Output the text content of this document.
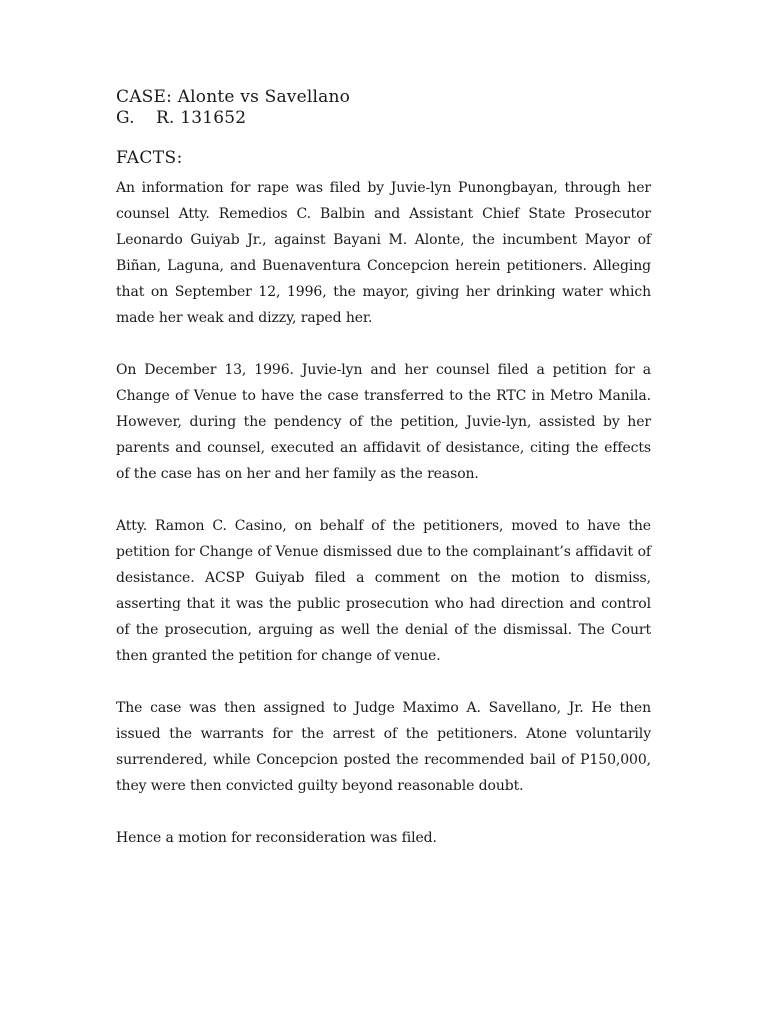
CASE: Alonte vs Savellano
G. R. 131652
FACTS:

An information for rape was filed by Juvie-lyn Punongbayan, through her counsel Atty. Remedios C. Balbin and Assistant Chief State Prosecutor Leonardo Guiyab Jr., against Bayani M. Alonte, the incumbent Mayor of Biñan, Laguna, and Buenaventura Concepcion herein petitioners. Alleging that on September 12, 1996, the mayor, giving her drinking water which made her weak and dizzy, raped her.

On December 13, 1996. Juvie-lyn and her counsel filed a petition for a Change of Venue to have the case transferred to the RTC in Metro Manila. However, during the pendency of the petition, Juvie-lyn, assisted by her parents and counsel, executed an affidavit of desistance, citing the effects of the case has on her and her family as the reason.

Atty. Ramon C. Casino, on behalf of the petitioners, moved to have the petition for Change of Venue dismissed due to the complainant’s affidavit of desistance. ACSP Guiyab filed a comment on the motion to dismiss, asserting that it was the public prosecution who had direction and control of the prosecution, arguing as well the denial of the dismissal. The Court then granted the petition for change of venue.

The case was then assigned to Judge Maximo A. Savellano, Jr. He then issued the warrants for the arrest of the petitioners. Atone voluntarily surrendered, while Concepcion posted the recommended bail of P150,000, they were then convicted guilty beyond reasonable doubt.

Hence a motion for reconsideration was filed.
